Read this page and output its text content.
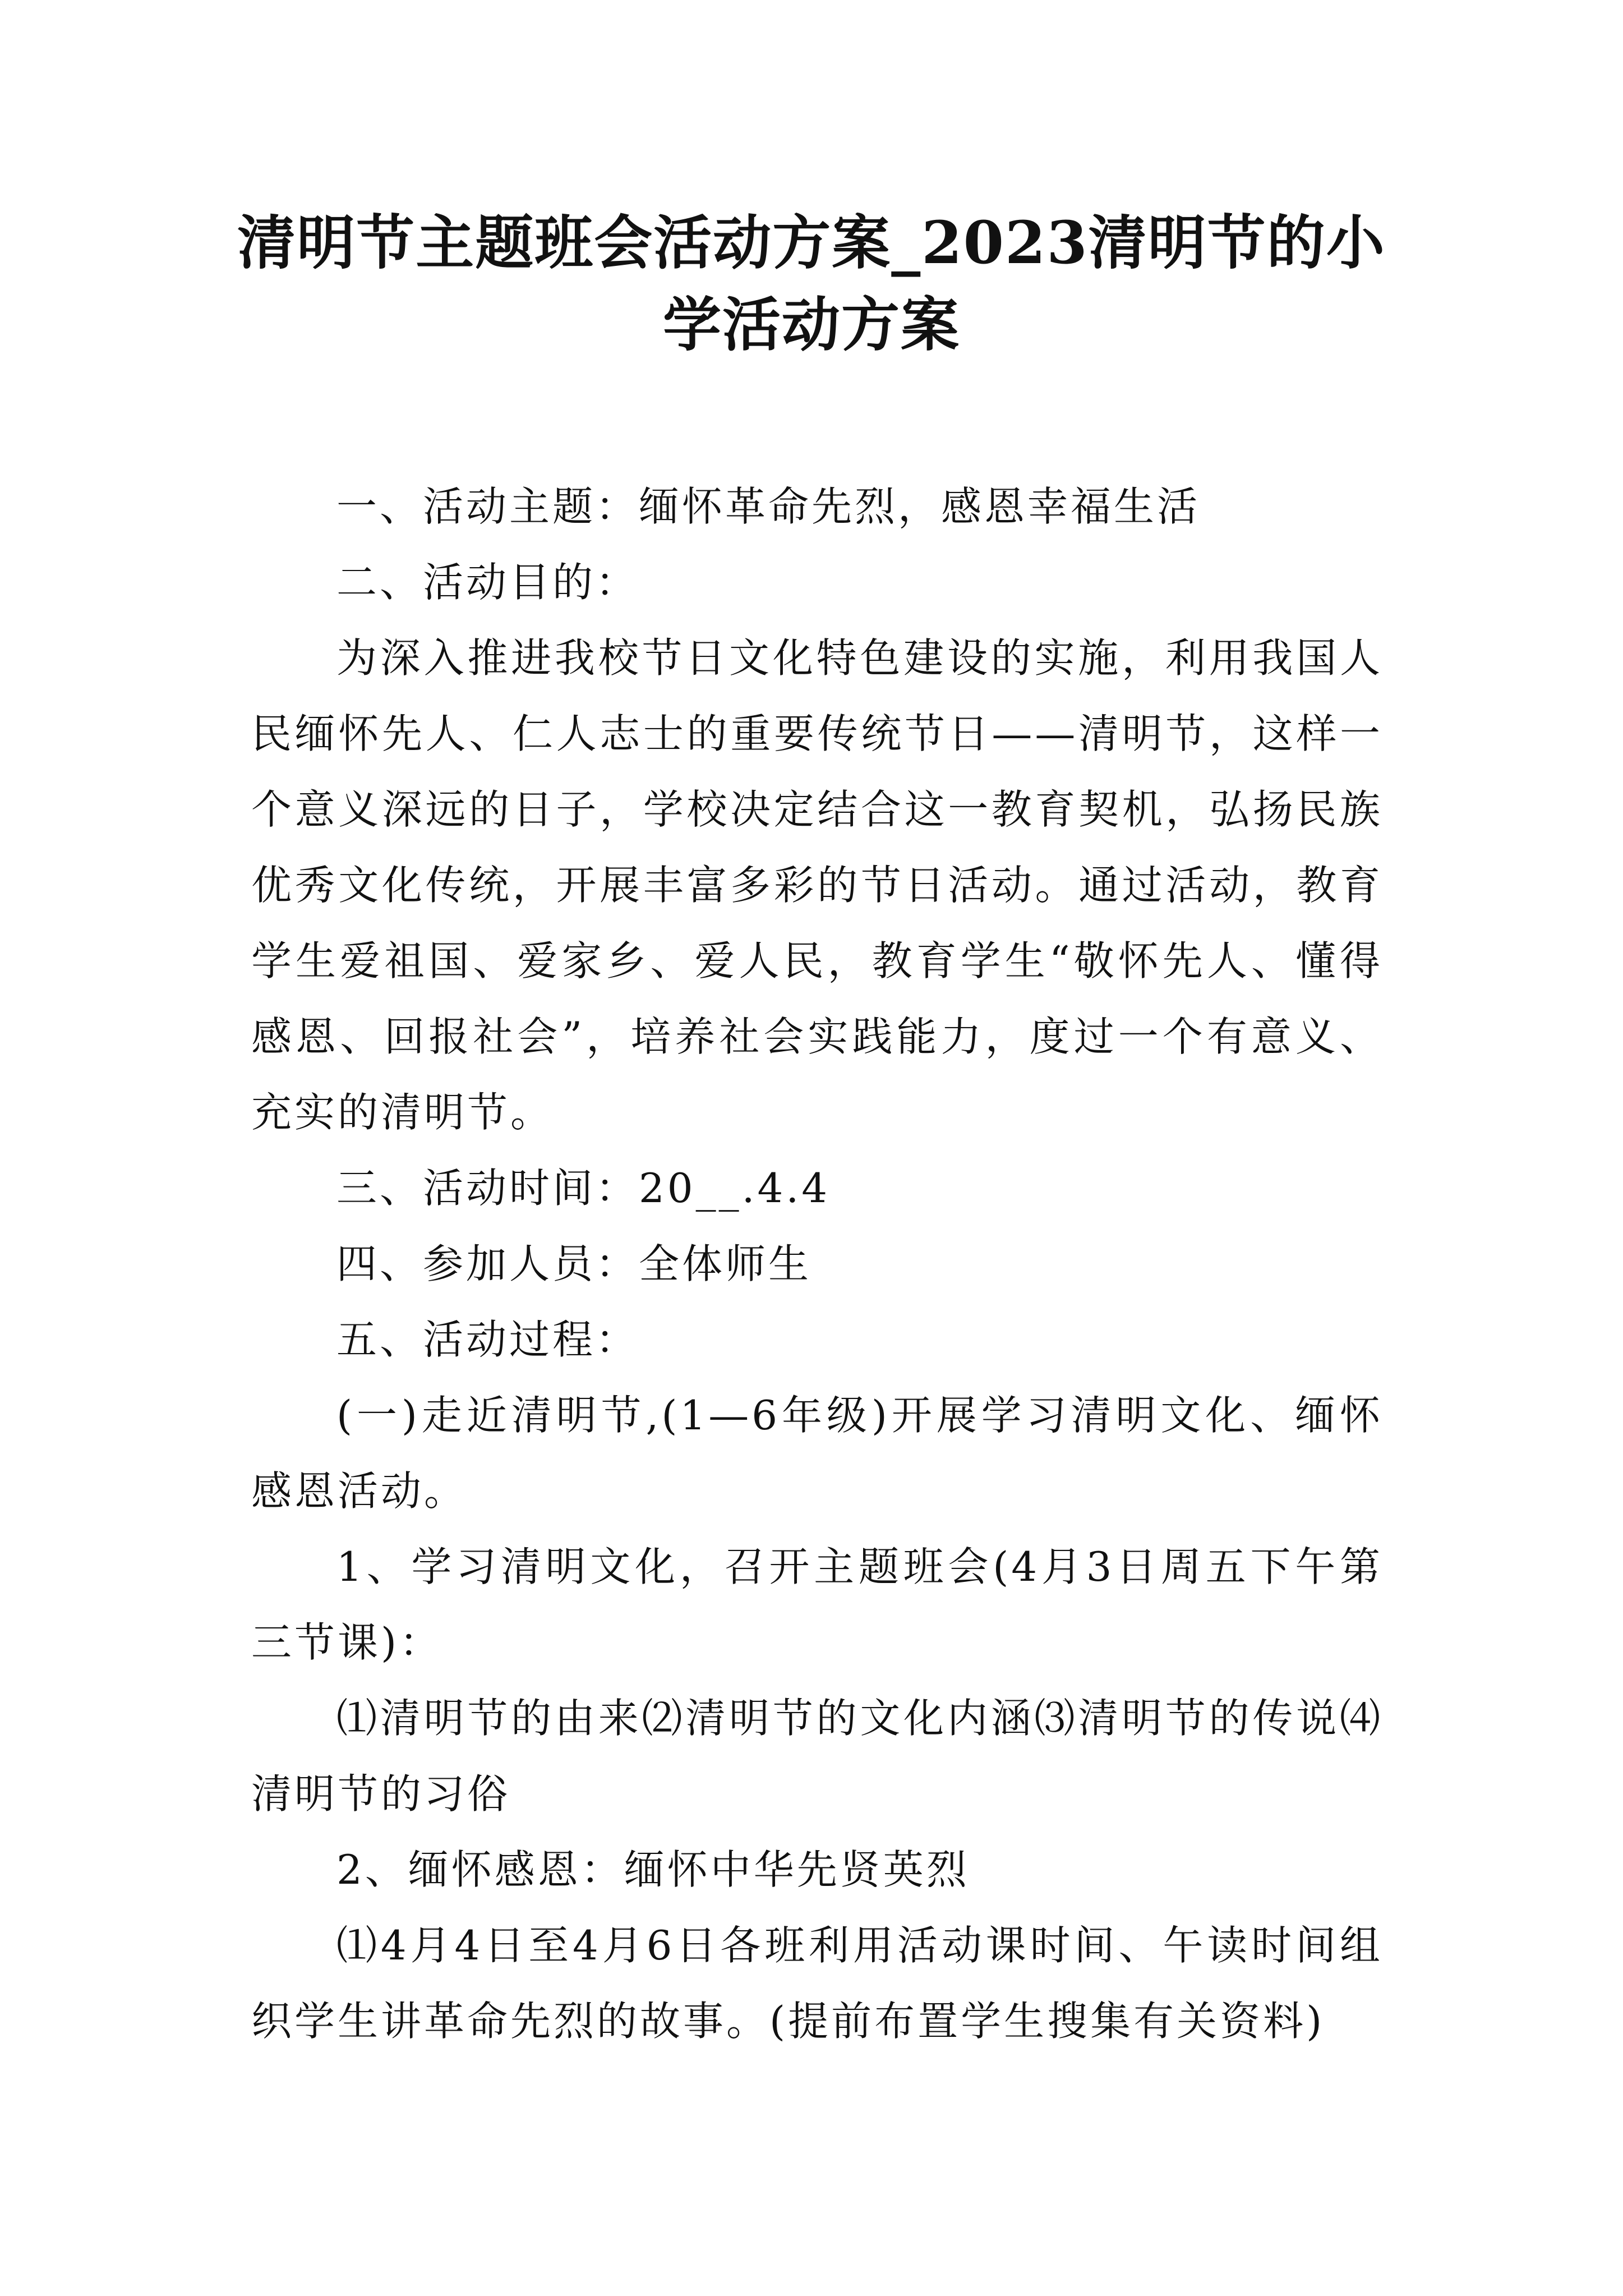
清明节主题班会活动方案_2023清明节的小
学活动方案

一、活动主题：缅怀革命先烈，感恩幸福生活

二、活动目的：

为深入推进我校节日文化特色建设的实施，利用我国人民缅怀先人、仁人志士的重要传统节日——清明节，这样一个意义深远的日子，学校决定结合这一教育契机，弘扬民族优秀文化传统，开展丰富多彩的节日活动。通过活动，教育学生爱祖国、爱家乡、爱人民，教育学生“敬怀先人、懂得感恩、回报社会”，培养社会实践能力，度过一个有意义、充实的清明节。

三、活动时间：20__.4.4

四、参加人员：全体师生

五、活动过程：

(一)走近清明节,(1—6年级)开展学习清明文化、缅怀感恩活动。

1、学习清明文化，召开主题班会(4月3日周五下午第三节课)：

⑴清明节的由来⑵清明节的文化内涵⑶清明节的传说⑷清明节的习俗

2、缅怀感恩：缅怀中华先贤英烈

⑴4月4日至4月6日各班利用活动课时间、午读时间组织学生讲革命先烈的故事。(提前布置学生搜集有关资料)
